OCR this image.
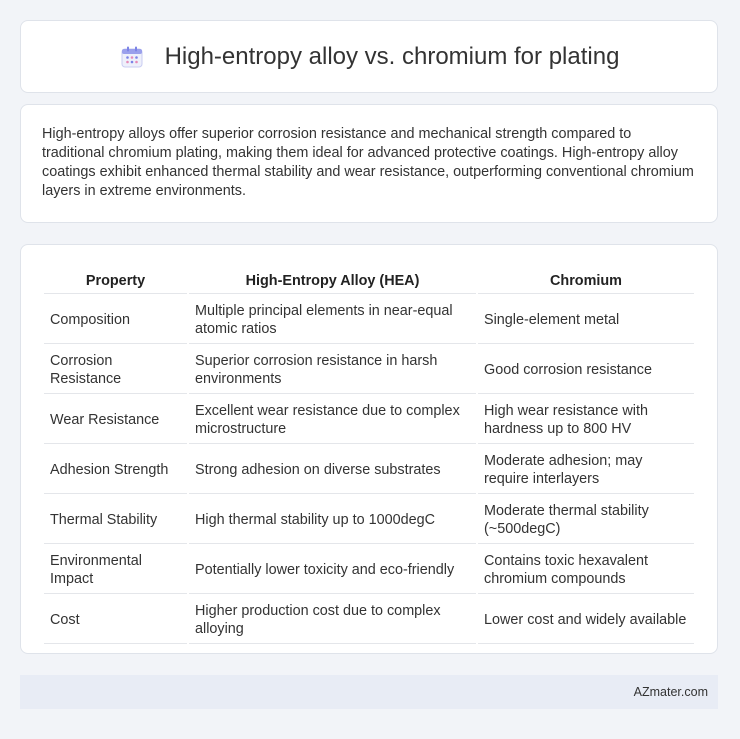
High-entropy alloy vs. chromium for plating

High-entropy alloys offer superior corrosion resistance and mechanical strength compared to traditional chromium plating, making them ideal for advanced protective coatings. High-entropy alloy coatings exhibit enhanced thermal stability and wear resistance, outperforming conventional chromium layers in extreme environments.

Property	High-Entropy Alloy (HEA)	Chromium
Composition	Multiple principal elements in near-equal atomic ratios	Single-element metal
Corrosion Resistance	Superior corrosion resistance in harsh environments	Good corrosion resistance
Wear Resistance	Excellent wear resistance due to complex microstructure	High wear resistance with hardness up to 800 HV
Adhesion Strength	Strong adhesion on diverse substrates	Moderate adhesion; may require interlayers
Thermal Stability	High thermal stability up to 1000degC	Moderate thermal stability (~500degC)
Environmental Impact	Potentially lower toxicity and eco-friendly	Contains toxic hexavalent chromium compounds
Cost	Higher production cost due to complex alloying	Lower cost and widely available
AZmater.com
